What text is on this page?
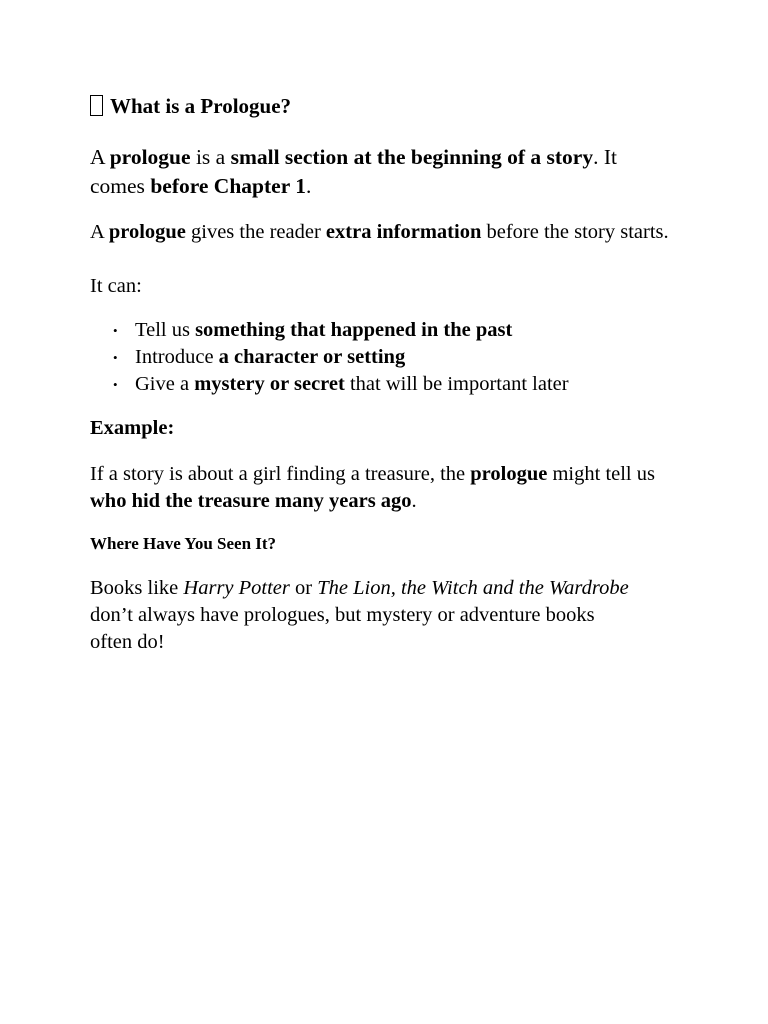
What is a Prologue?

A prologue is a small section at the beginning of a story. It comes before Chapter 1.

A prologue gives the reader extra information before the story starts.

It can:

• Tell us something that happened in the past
• Introduce a character or setting
• Give a mystery or secret that will be important later
Example:

If a story is about a girl finding a treasure, the prologue might tell us who hid the treasure many years ago.

Where Have You Seen It?

Books like Harry Potter or The Lion, the Witch and the Wardrobe don’t always have prologues, but mystery or adventure books often do!
